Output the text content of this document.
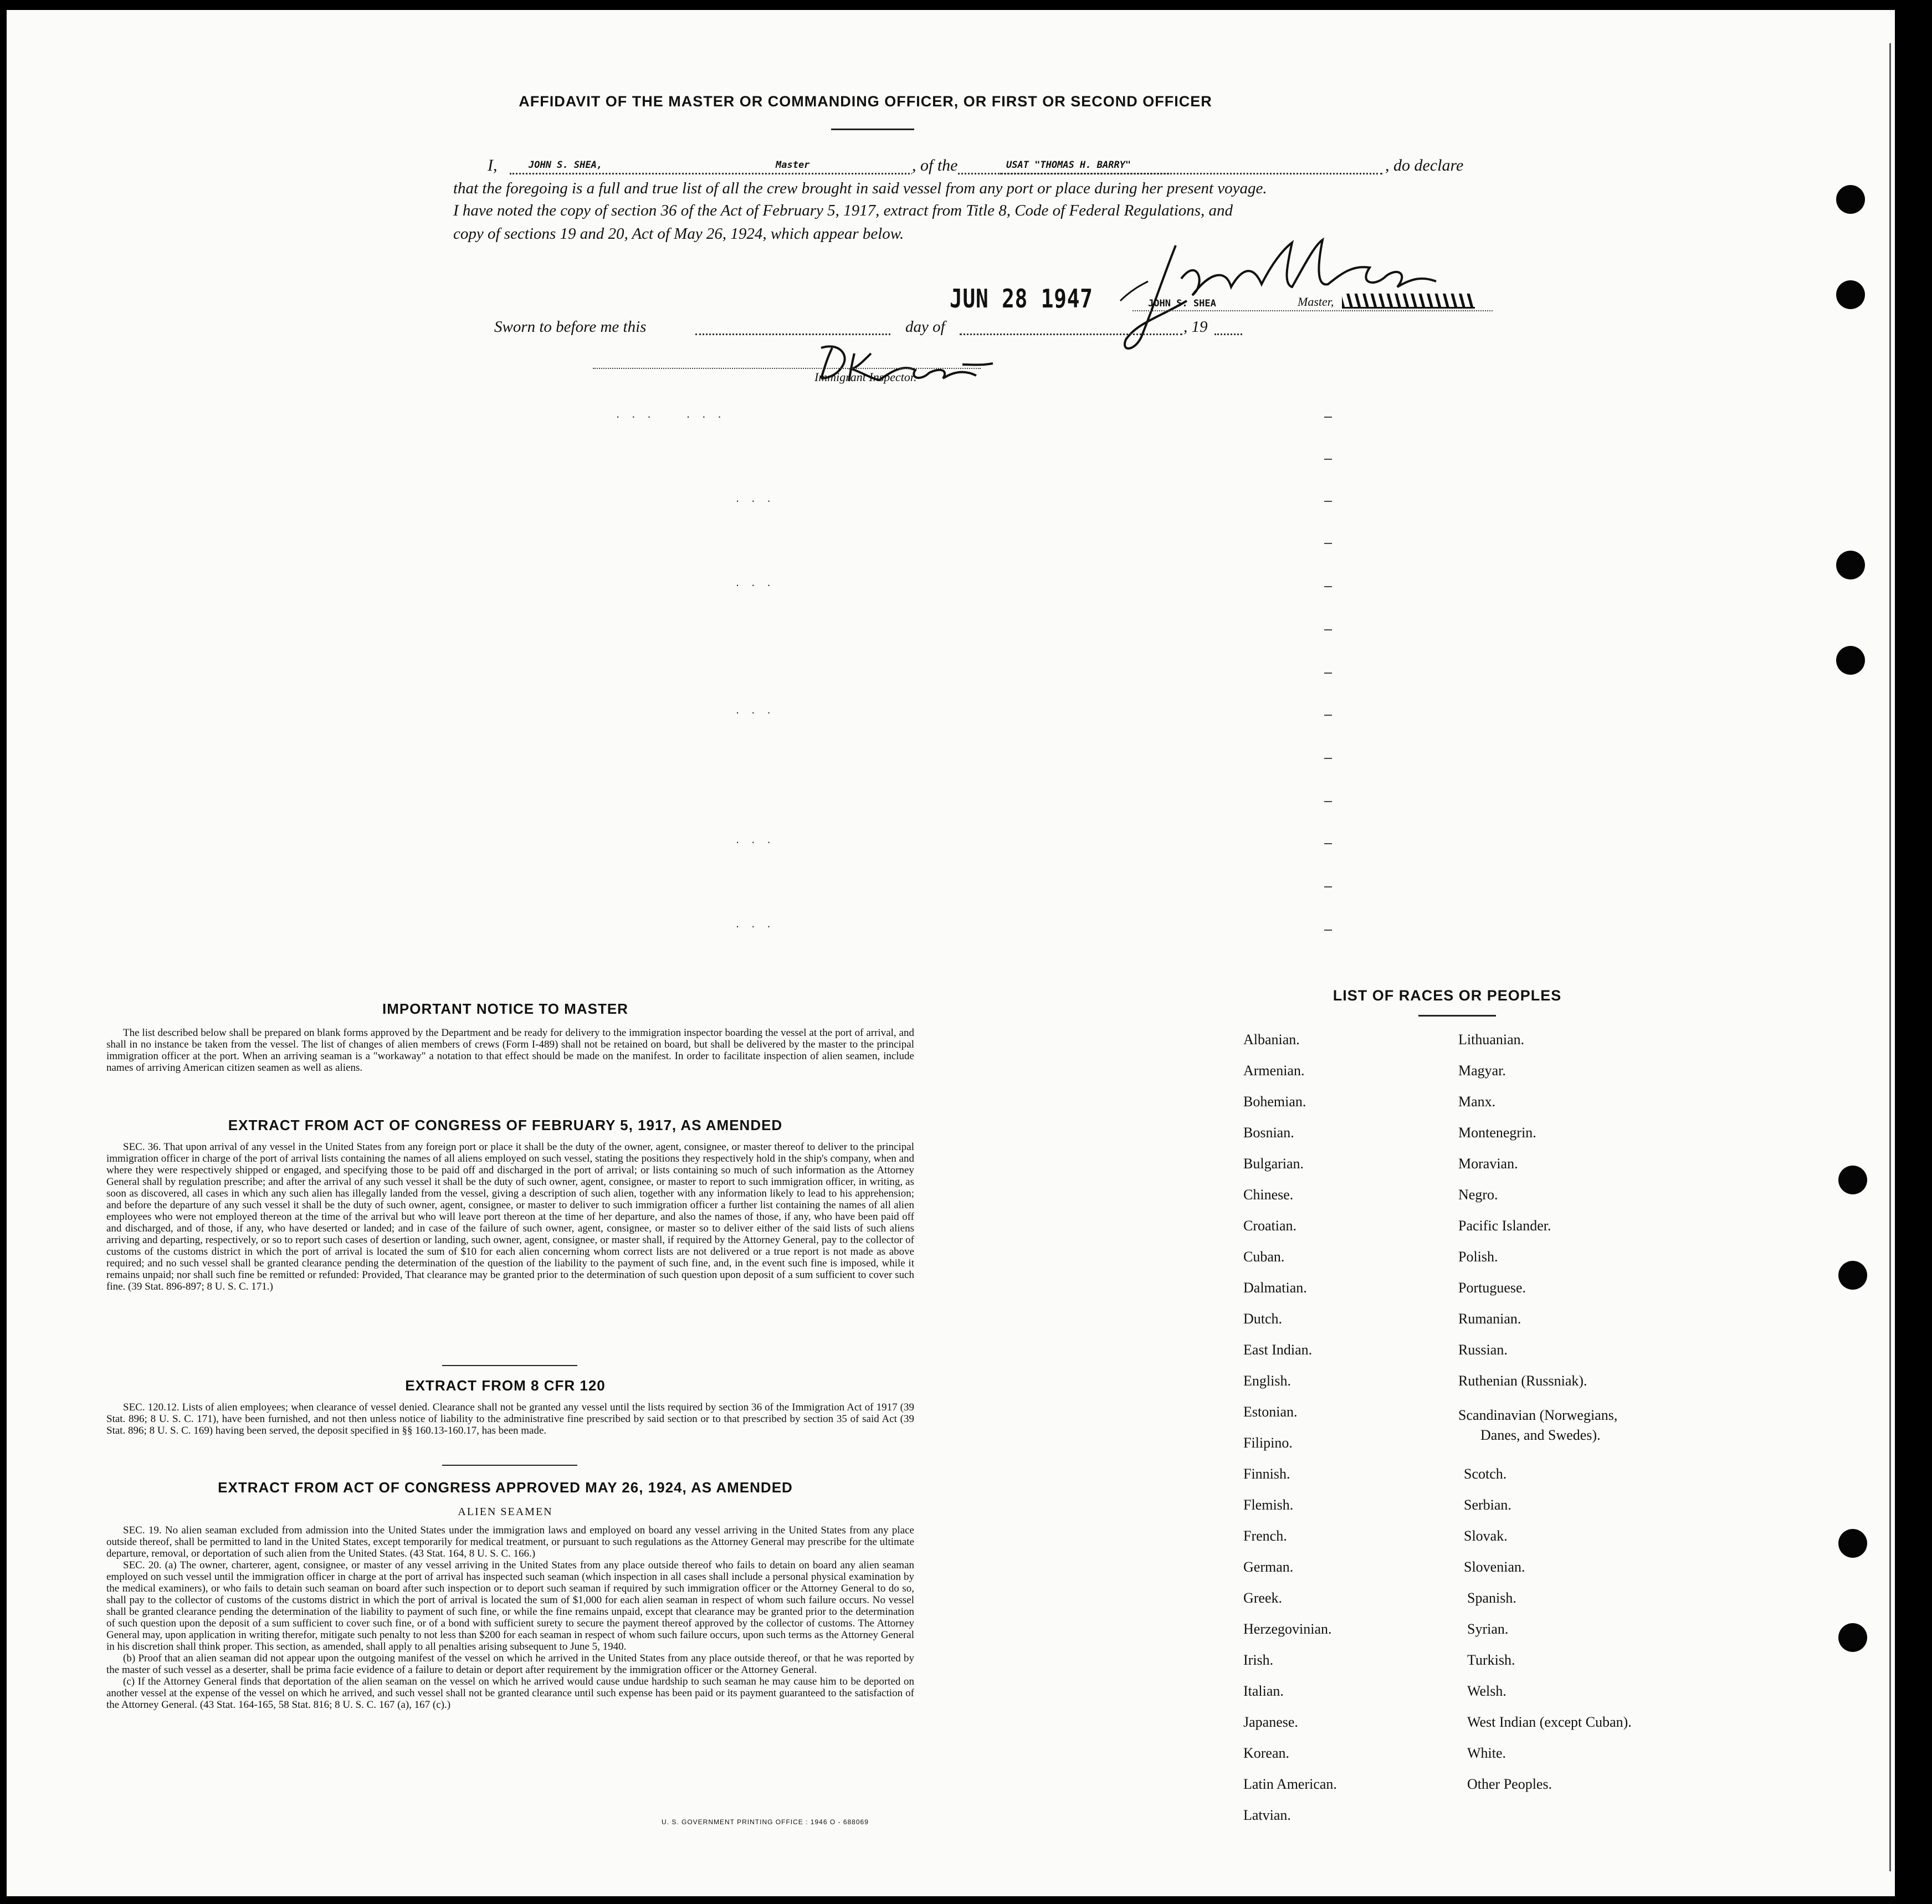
AFFIDAVIT OF THE MASTER OR COMMANDING OFFICER, OR FIRST OR SECOND OFFICER
I,	JOHN S. SHEA,	Master	, of the	USAT "THOMAS H. BARRY"	, do declare
that the foregoing is a full and true list of all the crew brought in said vessel from any port or place during her present voyage.
I have noted the copy of section 36 of the Act of February 5, 1917, extract from Title 8, Code of Federal Regulations, and
copy of sections 19 and 20, Act of May 26, 1924, which appear below.
JOHN S. SHEA	Master,
JUN 28 1947
Sworn to before me this	day of	, 19
Immigrant Inspector.
. . .    . . .
. . .
. . .
. . .
. . .
. . .
IMPORTANT NOTICE TO MASTER

The list described below shall be prepared on blank forms approved by the Department and be ready for delivery to the immigration inspector boarding the vessel at the port of arrival, and shall in no instance be taken from the vessel. The list of changes of alien members of crews (Form I-489) shall not be retained on board, but shall be delivered by the master to the principal immigration officer at the port. When an arriving seaman is a "workaway" a notation to that effect should be made on the manifest. In order to facilitate inspection of alien seamen, include names of arriving American citizen seamen as well as aliens.

EXTRACT FROM ACT OF CONGRESS OF FEBRUARY 5, 1917, AS AMENDED

SEC. 36. That upon arrival of any vessel in the United States from any foreign port or place it shall be the duty of the owner, agent, consignee, or master thereof to deliver to the principal immigration officer in charge of the port of arrival lists containing the names of all aliens employed on such vessel, stating the positions they respectively hold in the ship's company, when and where they were respectively shipped or engaged, and specifying those to be paid off and discharged in the port of arrival; or lists containing so much of such information as the Attorney General shall by regulation prescribe; and after the arrival of any such vessel it shall be the duty of such owner, agent, consignee, or master to report to such immigration officer, in writing, as soon as discovered, all cases in which any such alien has illegally landed from the vessel, giving a description of such alien, together with any information likely to lead to his apprehension; and before the departure of any such vessel it shall be the duty of such owner, agent, consignee, or master to deliver to such immigration officer a further list containing the names of all alien employees who were not employed thereon at the time of the arrival but who will leave port thereon at the time of her departure, and also the names of those, if any, who have been paid off and discharged, and of those, if any, who have deserted or landed; and in case of the failure of such owner, agent, consignee, or master so to deliver either of the said lists of such aliens arriving and departing, respectively, or so to report such cases of desertion or landing, such owner, agent, consignee, or master shall, if required by the Attorney General, pay to the collector of customs of the customs district in which the port of arrival is located the sum of $10 for each alien concerning whom correct lists are not delivered or a true report is not made as above required; and no such vessel shall be granted clearance pending the determination of the question of the liability to the payment of such fine, and, in the event such fine is imposed, while it remains unpaid; nor shall such fine be remitted or refunded: Provided, That clearance may be granted prior to the determination of such question upon deposit of a sum sufficient to cover such fine. (39 Stat. 896-897; 8 U. S. C. 171.)

EXTRACT FROM 8 CFR 120

SEC. 120.12. Lists of alien employees; when clearance of vessel denied. Clearance shall not be granted any vessel until the lists required by section 36 of the Immigration Act of 1917 (39 Stat. 896; 8 U. S. C. 171), have been furnished, and not then unless notice of liability to the administrative fine prescribed by said section or to that prescribed by section 35 of said Act (39 Stat. 896; 8 U. S. C. 169) having been served, the deposit specified in §§ 160.13-160.17, has been made.

EXTRACT FROM ACT OF CONGRESS APPROVED MAY 26, 1924, AS AMENDED
ALIEN SEAMEN

SEC. 19. No alien seaman excluded from admission into the United States under the immigration laws and employed on board any vessel arriving in the United States from any place outside thereof, shall be permitted to land in the United States, except temporarily for medical treatment, or pursuant to such regulations as the Attorney General may prescribe for the ultimate departure, removal, or deportation of such alien from the United States. (43 Stat. 164, 8 U. S. C. 166.)

SEC. 20. (a) The owner, charterer, agent, consignee, or master of any vessel arriving in the United States from any place outside thereof who fails to detain on board any alien seaman employed on such vessel until the immigration officer in charge at the port of arrival has inspected such seaman (which inspection in all cases shall include a personal physical examination by the medical examiners), or who fails to detain such seaman on board after such inspection or to deport such seaman if required by such immigration officer or the Attorney General to do so, shall pay to the collector of customs of the customs district in which the port of arrival is located the sum of $1,000 for each alien seaman in respect of whom such failure occurs. No vessel shall be granted clearance pending the determination of the liability to payment of such fine, or while the fine remains unpaid, except that clearance may be granted prior to the determination of such question upon the deposit of a sum sufficient to cover such fine, or of a bond with sufficient surety to secure the payment thereof approved by the collector of customs. The Attorney General may, upon application in writing therefor, mitigate such penalty to not less than $200 for each seaman in respect of whom such failure occurs, upon such terms as the Attorney General in his discretion shall think proper. This section, as amended, shall apply to all penalties arising subsequent to June 5, 1940.

(b) Proof that an alien seaman did not appear upon the outgoing manifest of the vessel on which he arrived in the United States from any place outside thereof, or that he was reported by the master of such vessel as a deserter, shall be prima facie evidence of a failure to detain or deport after requirement by the immigration officer or the Attorney General.

(c) If the Attorney General finds that deportation of the alien seaman on the vessel on which he arrived would cause undue hardship to such seaman he may cause him to be deported on another vessel at the expense of the vessel on which he arrived, and such vessel shall not be granted clearance until such expense has been paid or its payment guaranteed to the satisfaction of the Attorney General. (43 Stat. 164-165, 58 Stat. 816; 8 U. S. C. 167 (a), 167 (c).)

U. S. GOVERNMENT PRINTING OFFICE : 1946 O - 688069
LIST OF RACES OR PEOPLES
Albanian.
Armenian.
Bohemian.
Bosnian.
Bulgarian.
Chinese.
Croatian.
Cuban.
Dalmatian.
Dutch.
East Indian.
English.
Estonian.
Filipino.
Finnish.
Flemish.
French.
German.
Greek.
Herzegovinian.
Irish.
Italian.
Japanese.
Korean.
Latin American.
Latvian.
Lithuanian.
Magyar.
Manx.
Montenegrin.
Moravian.
Negro.
Pacific Islander.
Polish.
Portuguese.
Rumanian.
Russian.
Ruthenian (Russniak).
Scandinavian (Norwegians,
Danes, and Swedes).
Scotch.
Serbian.
Slovak.
Slovenian.
Spanish.
Syrian.
Turkish.
Welsh.
West Indian (except Cuban).
White.
Other Peoples.
